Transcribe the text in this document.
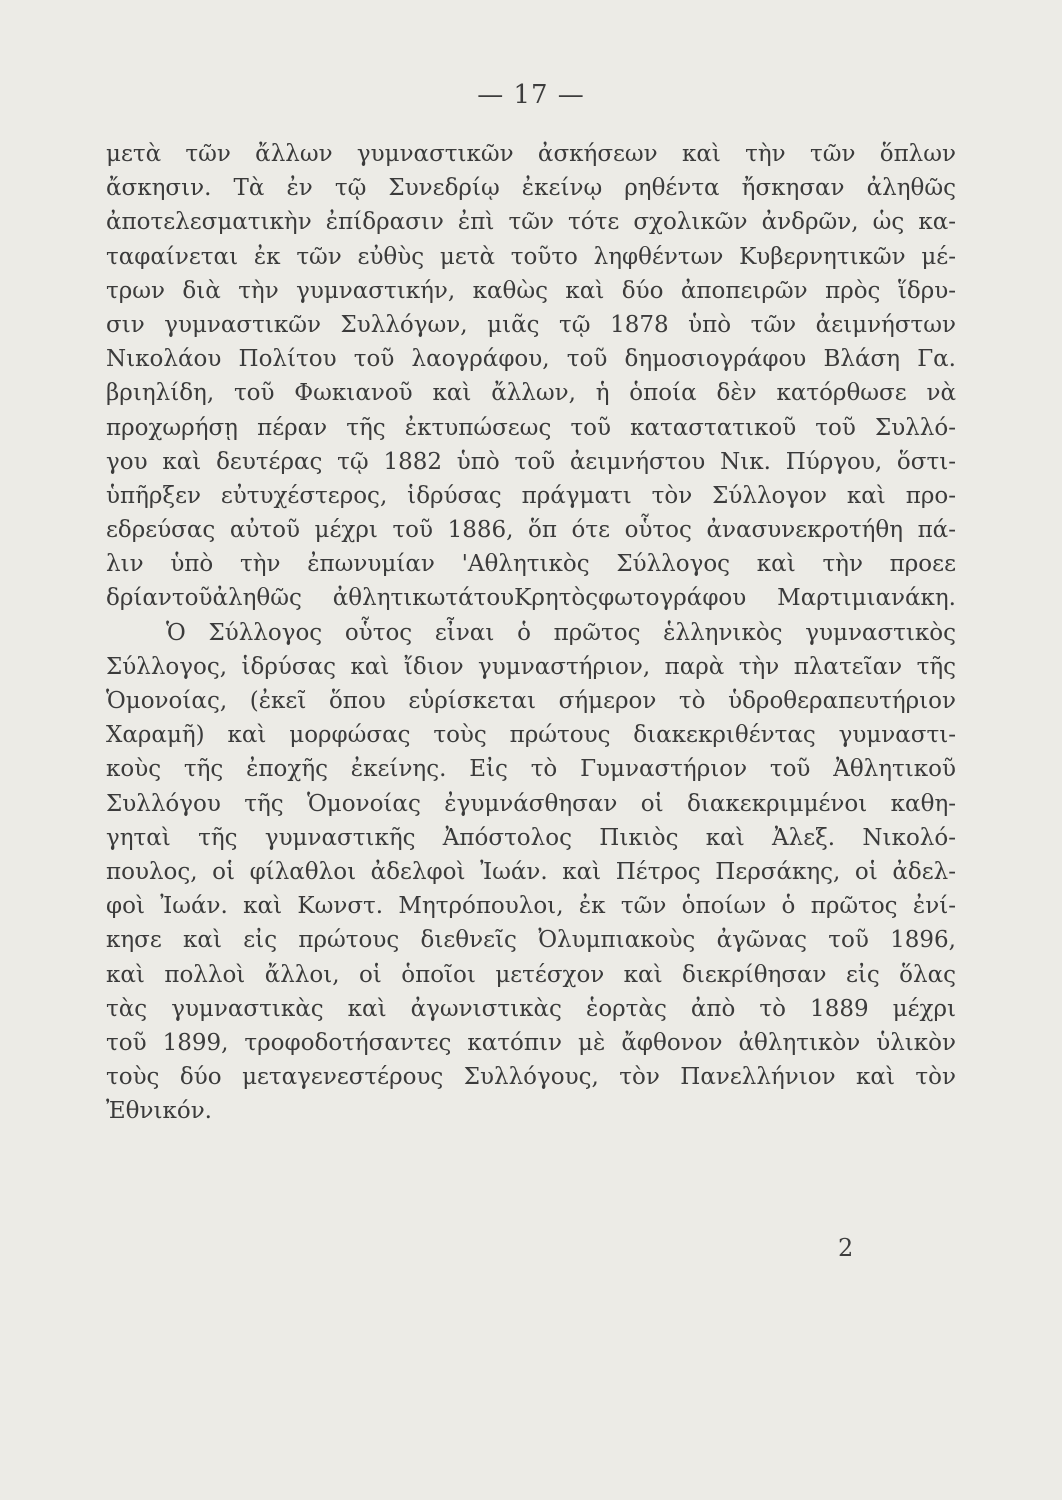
— 17 —
μετὰ τῶν ἄλλων γυμναστικῶν ἀσκήσεων καὶ τὴν τῶν ὅπλων
ἄσκησιν. Τὰ ἐν τῷ Συνεδρίῳ ἐκείνῳ ρηθέντα ἤσκησαν ἀληθῶς
ἀποτελεσματικὴν ἐπίδρασιν ἐπὶ τῶν τότε σχολικῶν ἀνδρῶν, ὡς κα-
ταφαίνεται ἐκ τῶν εὐθὺς μετὰ τοῦτο ληφθέντων Κυβερνητικῶν μέ-
τρων διὰ τὴν γυμναστικήν, καθὼς καὶ δύο ἀποπειρῶν πρὸς ἵδρυ-
σιν γυμναστικῶν Συλλόγων, μιᾶς τῷ 1878 ὑπὸ τῶν ἀειμνήστων
Νικολάου Πολίτου τοῦ λαογράφου, τοῦ δημοσιογράφου Βλάση Γα.
βριηλίδη, τοῦ Φωκιανοῦ καὶ ἄλλων, ἡ ὁποία δὲν κατόρθωσε νὰ
προχωρήσῃ πέραν τῆς ἐκτυπώσεως τοῦ καταστατικοῦ τοῦ Συλλό-
γου καὶ δευτέρας τῷ 1882 ὑπὸ τοῦ ἀειμνήστου Νικ. Πύργου, ὅστι-
ὑπῆρξεν εὐτυχέστερος, ἱδρύσας πράγματι τὸν Σύλλογον καὶ προ-
εδρεύσας αὐτοῦ μέχρι τοῦ 1886, ὅπ ότε οὗτος ἀνασυνεκροτήθη πά-
λιν ὑπὸ τὴν ἐπωνυμίαν 'Αθλητικὸς Σύλλογος καὶ τὴν προεε
δρίαντοῦἀληθῶς ἀθλητικωτάτουΚρητὸςφωτογράφου Μαρτιμιανάκη.
Ὁ Σύλλογος οὗτος εἶναι ὁ πρῶτος ἑλληνικὸς γυμναστικὸς
Σύλλογος, ἱδρύσας καὶ ἴδιον γυμναστήριον, παρὰ τὴν πλατεῖαν τῆς
Ὁμονοίας, (ἐκεῖ ὅπου εὑρίσκεται σήμερον τὸ ὑδροθεραπευτήριον
Χαραμῆ) καὶ μορφώσας τοὺς πρώτους διακεκριθέντας γυμναστι-
κοὺς τῆς ἐποχῆς ἐκείνης. Εἰς τὸ Γυμναστήριον τοῦ Ἀθλητικοῦ
Συλλόγου τῆς Ὁμονοίας ἐγυμνάσθησαν οἱ διακεκριμμένοι καθη-
γηταὶ τῆς γυμναστικῆς Ἀπόστολος Πικιὸς καὶ Ἀλεξ. Νικολό-
πουλος, οἱ φίλαθλοι ἀδελφοὶ Ἰωάν. καὶ Πέτρος Περσάκης, οἱ ἀδελ-
φοὶ Ἰωάν. καὶ Κωνστ. Μητρόπουλοι, ἐκ τῶν ὁποίων ὁ πρῶτος ἐνί-
κησε καὶ εἰς πρώτους διεθνεῖς Ὀλυμπιακοὺς ἀγῶνας τοῦ 1896,
καὶ πολλοὶ ἄλλοι, οἱ ὁποῖοι μετέσχον καὶ διεκρίθησαν εἰς ὅλας
τὰς γυμναστικὰς καὶ ἀγωνιστικὰς ἑορτὰς ἀπὸ τὸ 1889 μέχρι
τοῦ 1899, τροφοδοτήσαντες κατόπιν μὲ ἄφθονον ἀθλητικὸν ὑλικὸν
τοὺς δύο μεταγενεστέρους Συλλόγους, τὸν Πανελλήνιον καὶ τὸν
Ἐθνικόν.
2
